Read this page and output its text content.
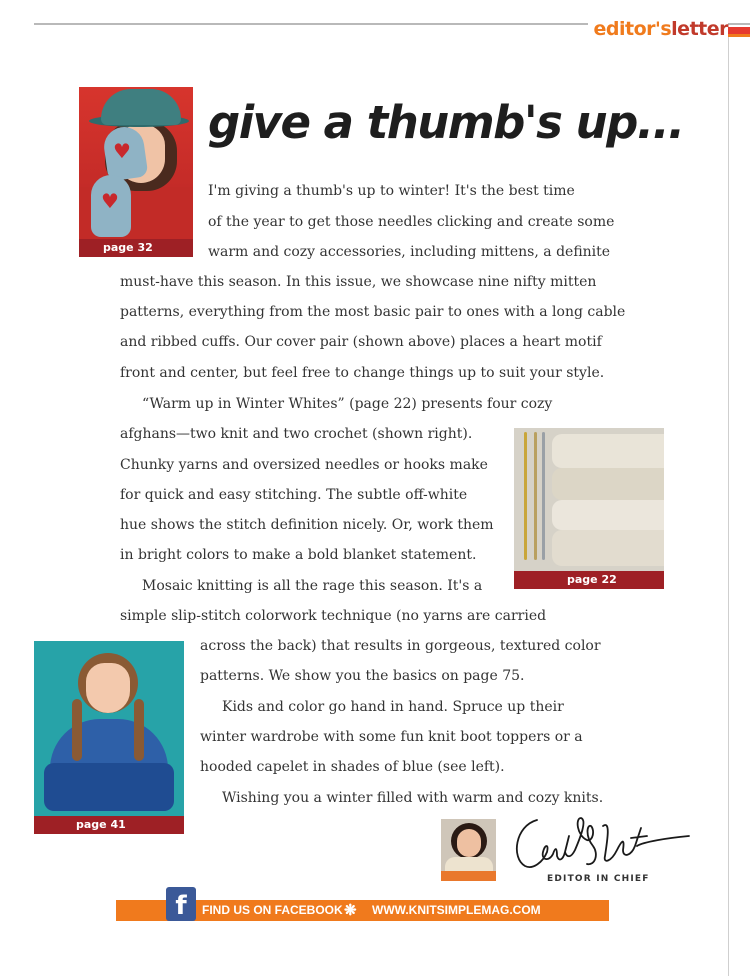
editor'sletter
give a thumb's up...
♥
♥
page 32
page 22
page 41
I'm giving a thumb's up to winter! It's the best time
of the year to get those needles clicking and create some
warm and cozy accessories, including mittens, a definite
must-have this season. In this issue, we showcase nine nifty mitten
patterns, everything from the most basic pair to ones with a long cable
and ribbed cuffs. Our cover pair (shown above) places a heart motif
front and center, but feel free to change things up to suit your style.
“Warm up in Winter Whites” (page 22) presents four cozy
afghans—two knit and two crochet (shown right).
Chunky yarns and oversized needles or hooks make
for quick and easy stitching. The subtle off-white
hue shows the stitch definition nicely. Or, work them
in bright colors to make a bold blanket statement.
Mosaic knitting is all the rage this season. It's a
simple slip-stitch colorwork technique (no yarns are carried
across the back) that results in gorgeous, textured color
patterns. We show you the basics on page 75.
Kids and color go hand in hand. Spruce up their
winter wardrobe with some fun knit boot toppers or a
hooded capelet in shades of blue (see left).
Wishing you a winter filled with warm and cozy knits.
EDITOR IN CHIEF
FIND US ON FACEBOOK ❋ WWW.KNITSIMPLEMAG.COM
f
